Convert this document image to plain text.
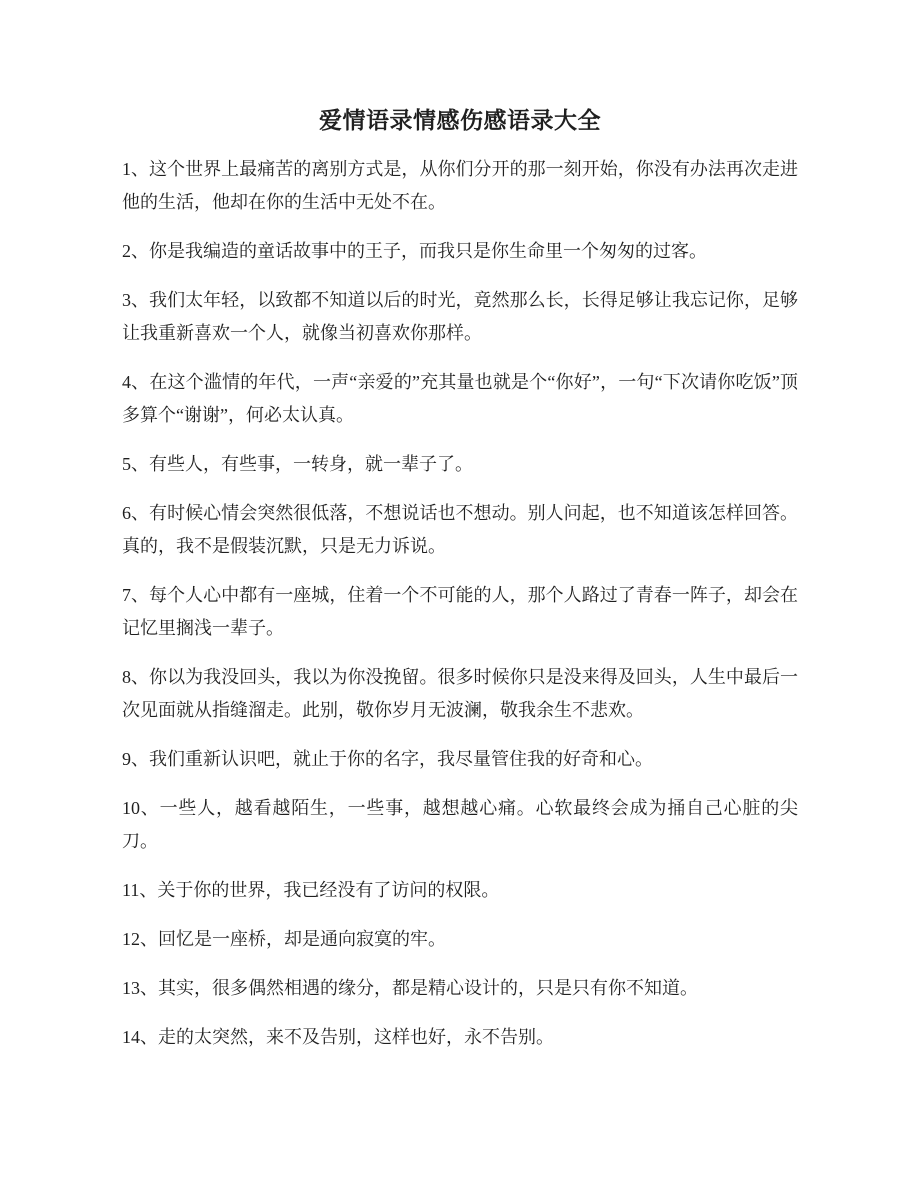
爱情语录情感伤感语录大全

1、这个世界上最痛苦的离别方式是，从你们分开的那一刻开始，你没有办法再次走进他的生活，他却在你的生活中无处不在。

2、你是我编造的童话故事中的王子，而我只是你生命里一个匆匆的过客。

3、我们太年轻，以致都不知道以后的时光，竟然那么长，长得足够让我忘记你，足够让我重新喜欢一个人，就像当初喜欢你那样。

4、在这个滥情的年代，一声“亲爱的”充其量也就是个“你好”，一句“下次请你吃饭”顶多算个“谢谢”，何必太认真。

5、有些人，有些事，一转身，就一辈子了。

6、有时候心情会突然很低落，不想说话也不想动。别人问起，也不知道该怎样回答。真的，我不是假装沉默，只是无力诉说。

7、每个人心中都有一座城，住着一个不可能的人，那个人路过了青春一阵子，却会在记忆里搁浅一辈子。

8、你以为我没回头，我以为你没挽留。很多时候你只是没来得及回头，人生中最后一次见面就从指缝溜走。此别，敬你岁月无波澜，敬我余生不悲欢。

9、我们重新认识吧，就止于你的名字，我尽量管住我的好奇和心。

10、一些人，越看越陌生，一些事，越想越心痛。心软最终会成为捅自己心脏的尖刀。

11、关于你的世界，我已经没有了访问的权限。

12、回忆是一座桥，却是通向寂寞的牢。

13、其实，很多偶然相遇的缘分，都是精心设计的，只是只有你不知道。

14、走的太突然，来不及告别，这样也好，永不告别。
